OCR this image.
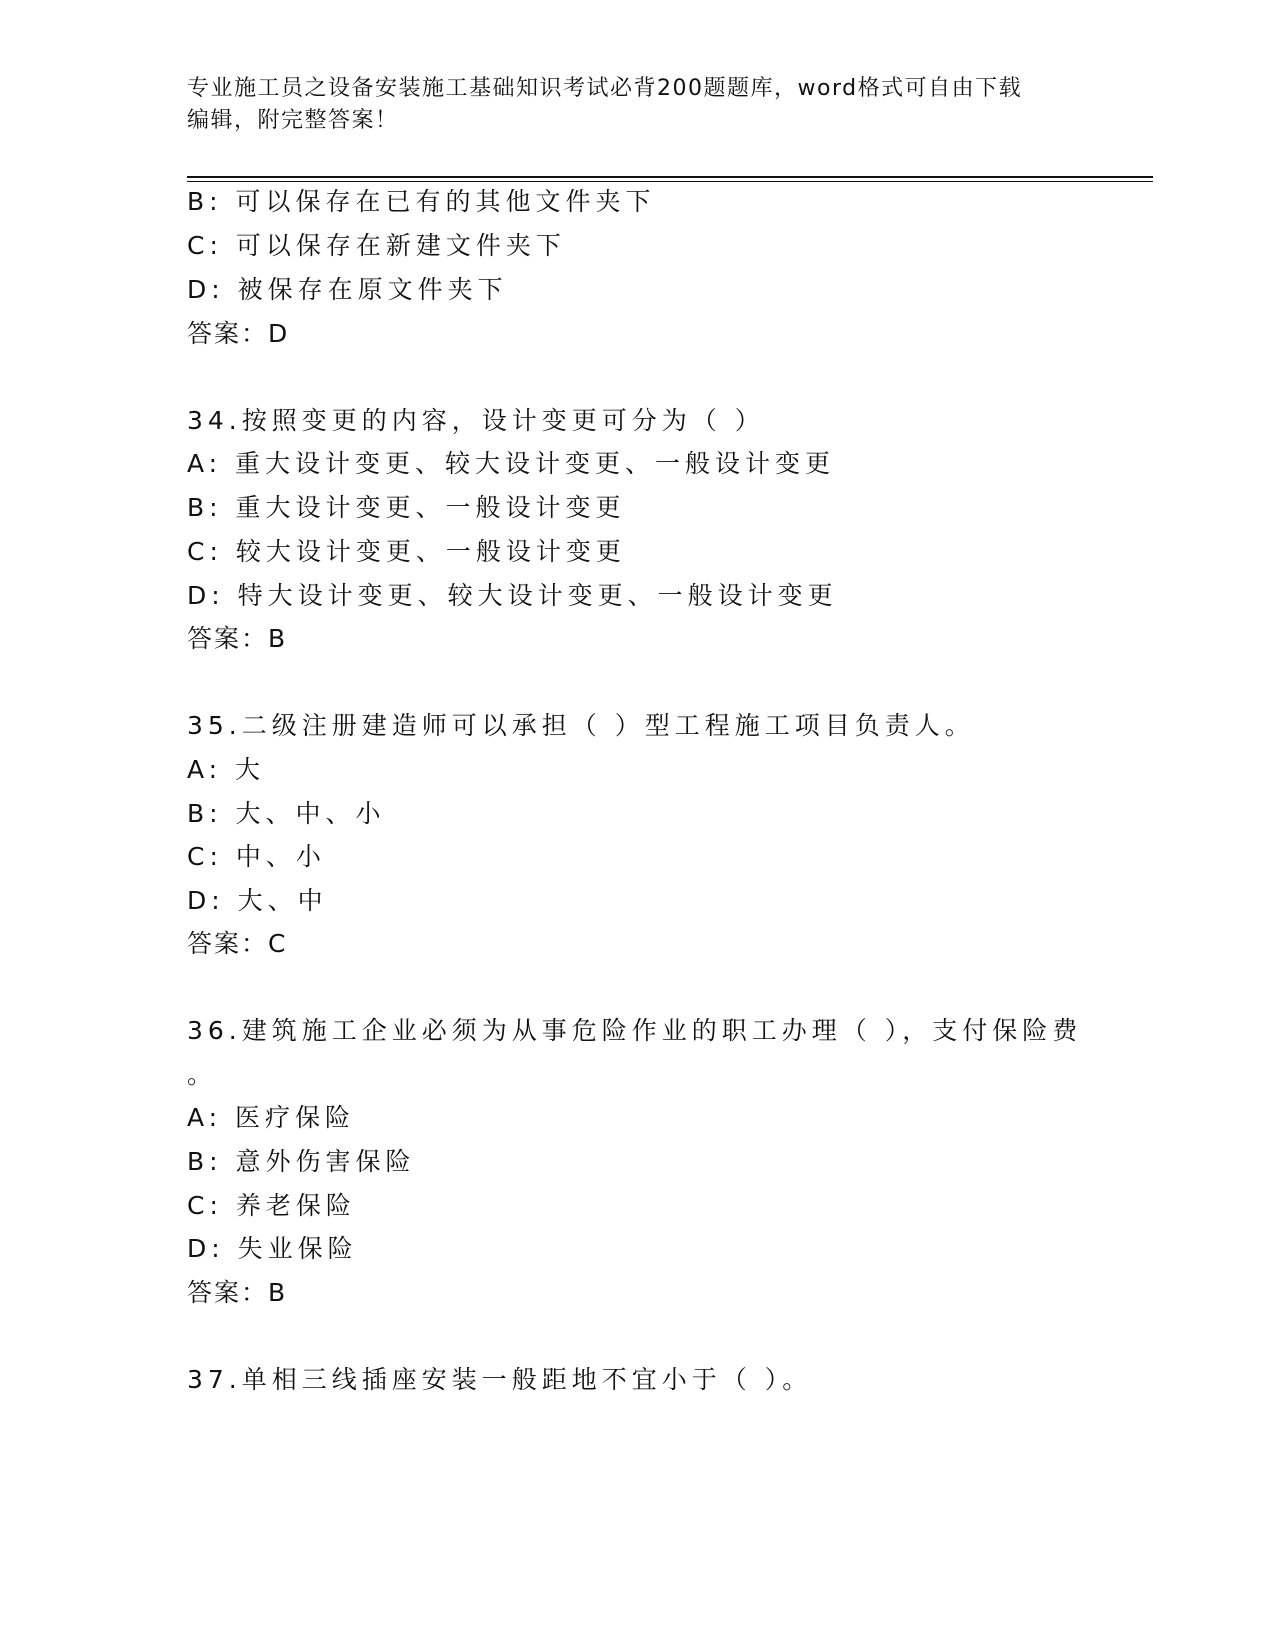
专业施工员之设备安装施工基础知识考试必背200题题库，word格式可自由下载
编辑，附完整答案！
B: 可以保存在已有的其他文件夹下
C: 可以保存在新建文件夹下
D: 被保存在原文件夹下
答案：D
34.按照变更的内容，设计变更可分为（ ）
A: 重大设计变更、较大设计变更、一般设计变更
B: 重大设计变更、一般设计变更
C: 较大设计变更、一般设计变更
D: 特大设计变更、较大设计变更、一般设计变更
答案：B
35.二级注册建造师可以承担（ ）型工程施工项目负责人。
A: 大
B: 大、中、小
C: 中、小
D: 大、中
答案：C
36.建筑施工企业必须为从事危险作业的职工办理（ ），支付保险费
。
A: 医疗保险
B: 意外伤害保险
C: 养老保险
D: 失业保险
答案：B
37.单相三线插座安装一般距地不宜小于（ ）。
